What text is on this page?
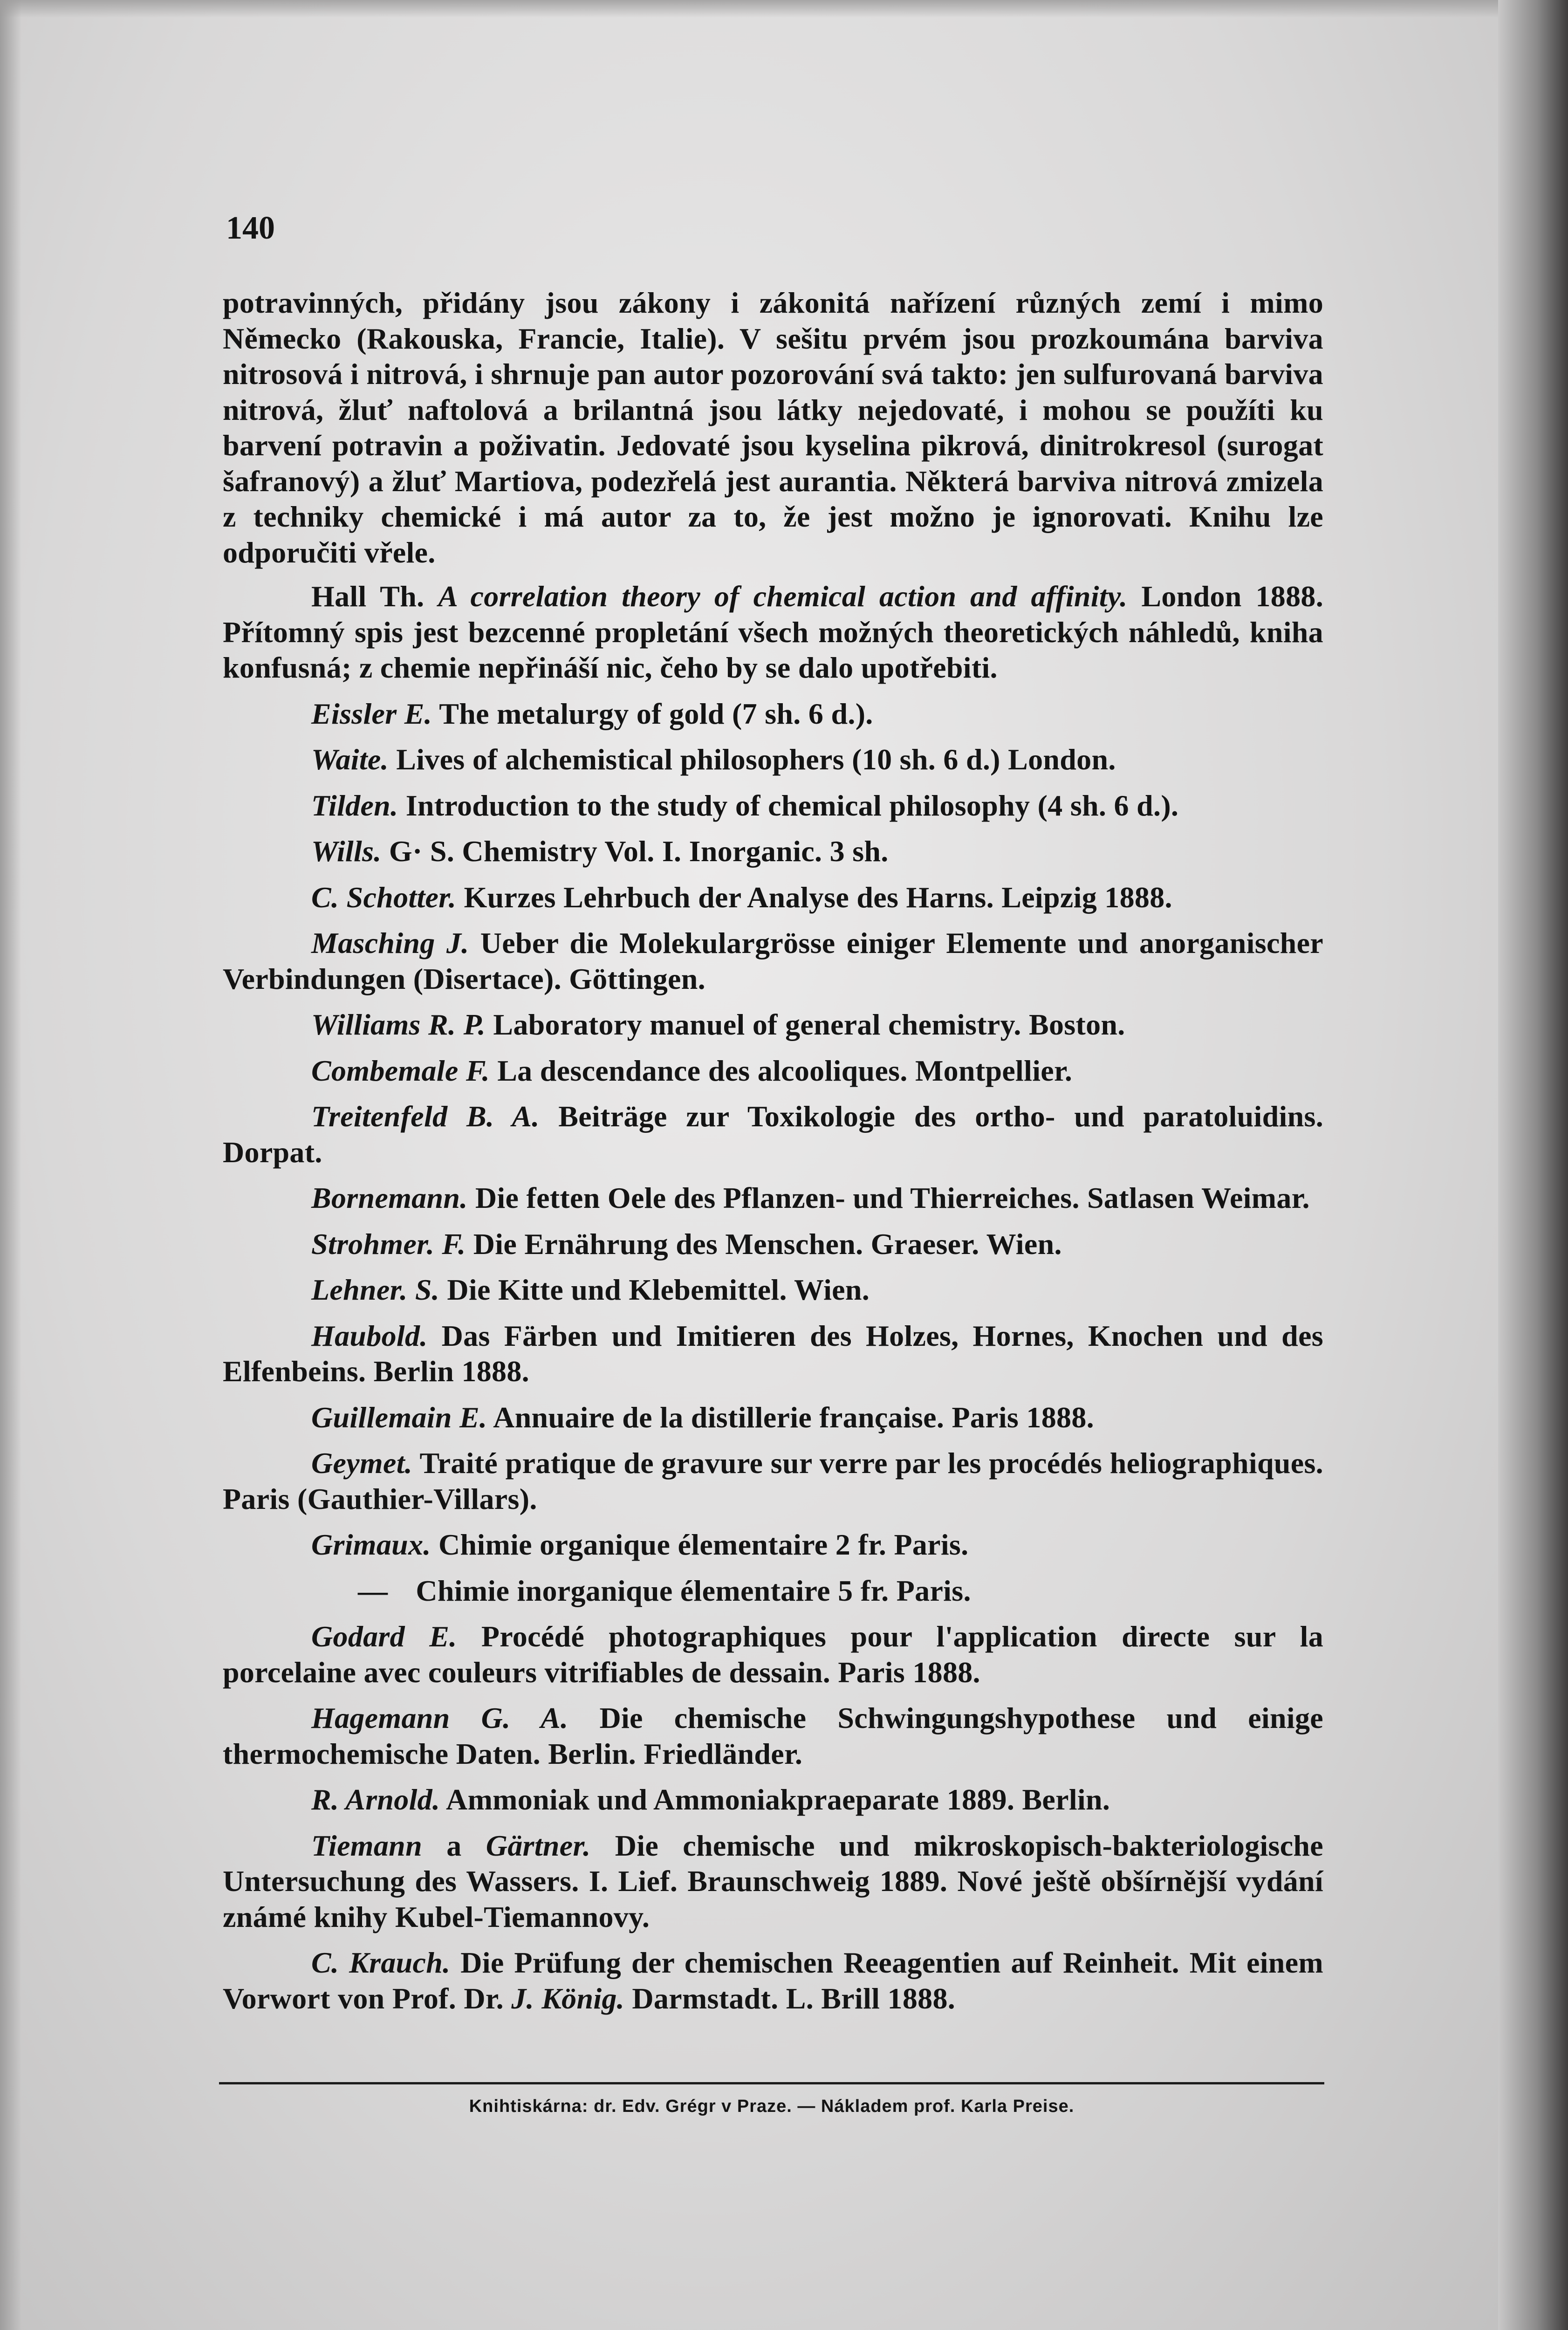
140

potravinných, přidány jsou zákony i zákonitá nařízení různých zemí i mimo Německo (Rakouska, Francie, Italie). V sešitu prvém jsou prozkoumána barviva nitrosová i nitrová, i shrnuje pan autor pozorování svá takto: jen sulfurovaná barviva nitrová, žluť naftolová a brilantná jsou látky nejedovaté, i mohou se použíti ku barvení potravin a poživatin. Jedovaté jsou kyselina pikrová, dinitrokresol (surogat šafranový) a žluť Martiova, podezřelá jest aurantia. Některá barviva nitrová zmizela z techniky chemické i má autor za to, že jest možno je ignorovati. Knihu lze odporučiti vřele.

Hall Th. A correlation theory of chemical action and affinity. London 1888. Přítomný spis jest bezcenné propletání všech možných theoretických náhledů, kniha konfusná; z chemie nepřináší nic, čeho by se dalo upotřebiti.

Eissler E. The metalurgy of gold (7 sh. 6 d.).

Waite. Lives of alchemistical philosophers (10 sh. 6 d.) London.

Tilden. Introduction to the study of chemical philosophy (4 sh. 6 d.).

Wills. G· S. Chemistry Vol. I. Inorganic. 3 sh.

C. Schotter. Kurzes Lehrbuch der Analyse des Harns. Leipzig 1888.

Masching J. Ueber die Molekulargrösse einiger Elemente und anorganischer Verbindungen (Disertace). Göttingen.

Williams R. P. Laboratory manuel of general chemistry. Boston.

Combemale F. La descendance des alcooliques. Montpellier.

Treitenfeld B. A. Beiträge zur Toxikologie des ortho- und paratoluidins. Dorpat.

Bornemann. Die fetten Oele des Pflanzen- und Thierreiches. Satlasen Weimar.

Strohmer. F. Die Ernährung des Menschen. Graeser. Wien.

Lehner. S. Die Kitte und Klebemittel. Wien.

Haubold. Das Färben und Imitieren des Holzes, Hornes, Knochen und des Elfenbeins. Berlin 1888.

Guillemain E. Annuaire de la distillerie française. Paris 1888.

Geymet. Traité pratique de gravure sur verre par les procédés heliographiques. Paris (Gauthier-Villars).

Grimaux. Chimie organique élementaire 2 fr. Paris.

— Chimie inorganique élementaire 5 fr. Paris.

Godard E. Procédé photographiques pour l'application directe sur la porcelaine avec couleurs vitrifiables de dessain. Paris 1888.

Hagemann G. A. Die chemische Schwingungshypothese und einige thermochemische Daten. Berlin. Friedländer.

R. Arnold. Ammoniak und Ammoniakpraeparate 1889. Berlin.

Tiemann a Gärtner. Die chemische und mikroskopisch-bakteriologische Untersuchung des Wassers. I. Lief. Braunschweig 1889. Nové ještě obšírnější vydání známé knihy Kubel-Tiemannovy.

C. Krauch. Die Prüfung der chemischen Reeagentien auf Reinheit. Mit einem Vorwort von Prof. Dr. J. König. Darmstadt. L. Brill 1888.

Knihtiskárna: dr. Edv. Grégr v Praze. — Nákladem prof. Karla Preise.
